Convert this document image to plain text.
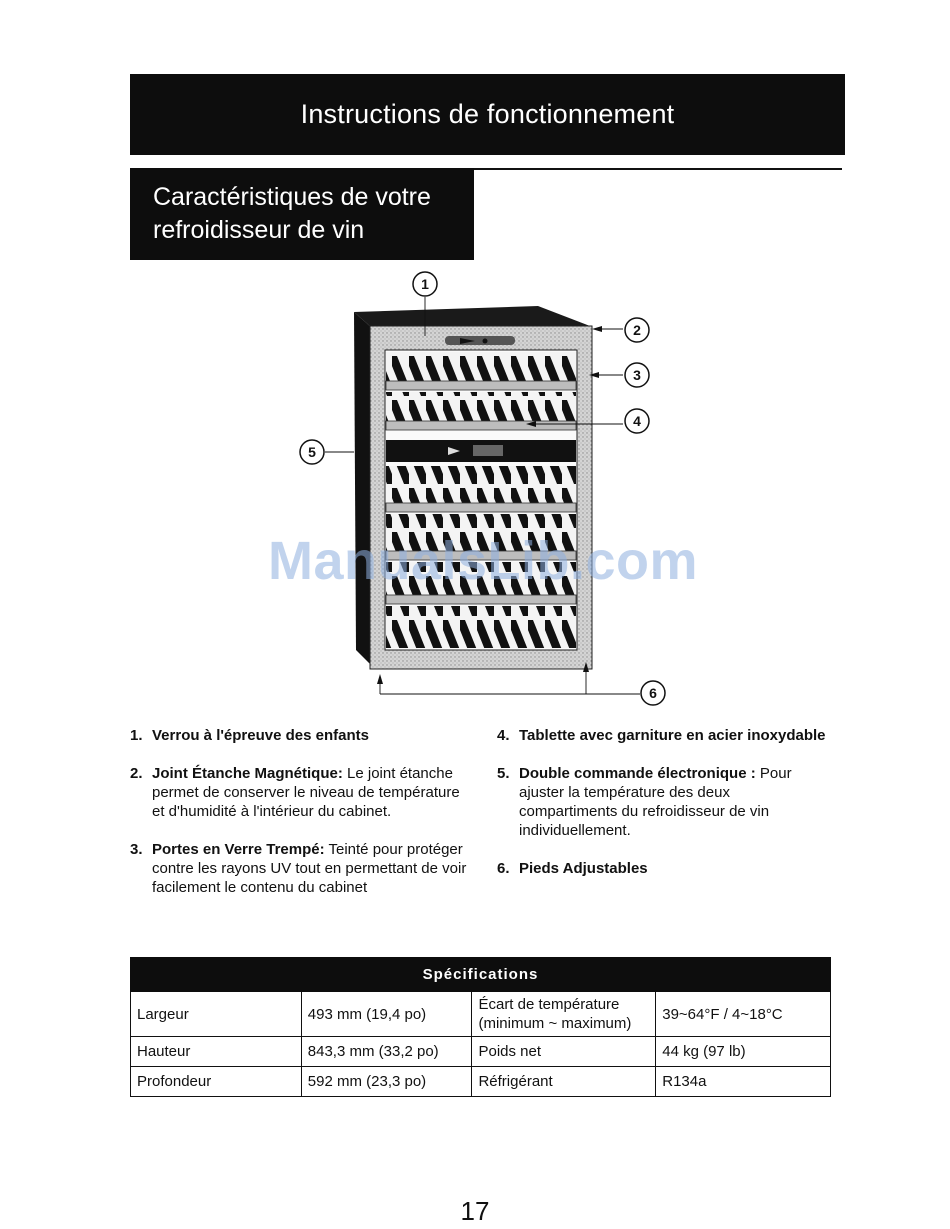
Instructions de fonctionnement
Caractéristiques de votre
refroidisseur de vin
1
2
3
4
5
6
ManualsLib.com
1. Verrou à l'épreuve des enfants
2. Joint Étanche Magnétique: Le joint étanche permet de conserver le niveau de température et d'humidité à l'intérieur du cabinet.
3. Portes en Verre Trempé: Teinté pour protéger contre les rayons UV tout en permettant de voir facilement le contenu du cabinet
4. Tablette avec garniture en acier inoxydable
5. Double commande électronique : Pour ajuster la température des deux compartiments du refroidisseur de vin individuellement.
6. Pieds Adjustables
Spécifications			
Largeur	493 mm (19,4 po)	Écart de température (minimum ~ maximum)	39~64°F / 4~18°C
Hauteur	843,3 mm (33,2 po)	Poids net	44 kg (97 lb)
Profondeur	592 mm (23,3 po)	Réfrigérant	R134a
17
